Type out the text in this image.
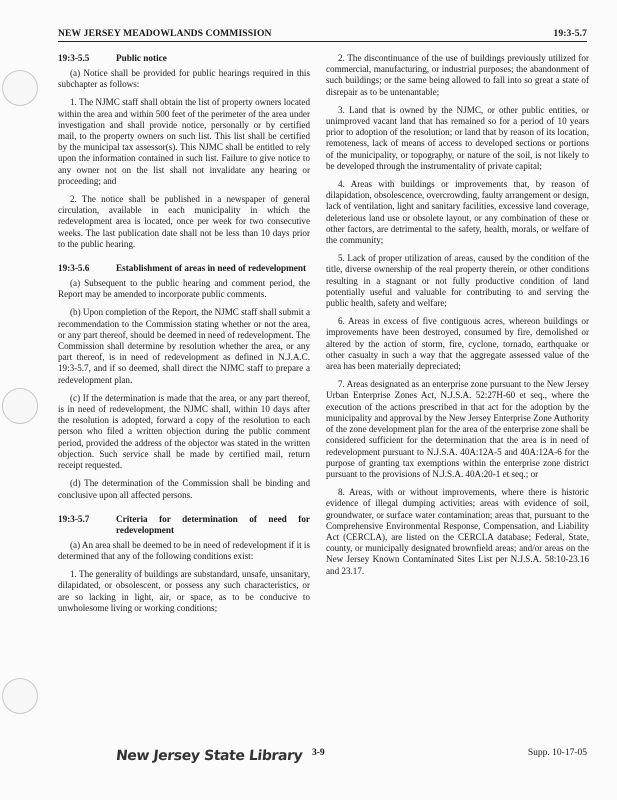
NEW JERSEY MEADOWLANDS COMMISSION	19:3-5.7
19:3-5.5	Public notice

(a) Notice shall be provided for public hearings required in this subchapter as follows:

1. The NJMC staff shall obtain the list of property owners located within the area and within 500 feet of the perimeter of the area under investigation and shall provide notice, personally or by certified mail, to the property owners on such list. This list shall be certified by the municipal tax assessor(s). This NJMC shall be entitled to rely upon the information contained in such list. Failure to give notice to any owner not on the list shall not invalidate any hearing or proceeding; and

2. The notice shall be published in a newspaper of general circulation, available in each municipality in which the redevelopment area is located, once per week for two consecutive weeks. The last publication date shall not be less than 10 days prior to the public hearing.

19:3-5.6	Establishment of areas in need of redevelopment

(a) Subsequent to the public hearing and comment period, the Report may be amended to incorporate public comments.

(b) Upon completion of the Report, the NJMC staff shall submit a recommendation to the Commission stating whether or not the area, or any part thereof, should be deemed in need of redevelopment. The Commission shall determine by resolution whether the area, or any part thereof, is in need of redevelopment as defined in N.J.A.C. 19:3-5.7, and if so deemed, shall direct the NJMC staff to prepare a redevelopment plan.

(c) If the determination is made that the area, or any part thereof, is in need of redevelopment, the NJMC shall, within 10 days after the resolution is adopted, forward a copy of the resolution to each person who filed a written objection during the public comment period, provided the address of the objector was stated in the written objection. Such service shall be made by certified mail, return receipt requested.

(d) The determination of the Commission shall be binding and conclusive upon all affected persons.

19:3-5.7	Criteria for determination of need for redevelopment

(a) An area shall be deemed to be in need of redevelopment if it is determined that any of the following conditions exist:

1. The generality of buildings are substandard, unsafe, unsanitary, dilapidated, or obsolescent, or possess any such characteristics, or are so lacking in light, air, or space, as to be conducive to unwholesome living or working conditions;

2. The discontinuance of the use of buildings previously utilized for commercial, manufacturing, or industrial purposes; the abandonment of such buildings; or the same being allowed to fall into so great a state of disrepair as to be untenantable;

3. Land that is owned by the NJMC, or other public entities, or unimproved vacant land that has remained so for a period of 10 years prior to adoption of the resolution; or land that by reason of its location, remoteness, lack of means of access to developed sections or portions of the municipality, or topography, or nature of the soil, is not likely to be developed through the instrumentality of private capital;

4. Areas with buildings or improvements that, by reason of dilapidation, obsolescence, overcrowding, faulty arrangement or design, lack of ventilation, light and sanitary facilities, excessive land coverage, deleterious land use or obsolete layout, or any combination of these or other factors, are detrimental to the safety, health, morals, or welfare of the community;

5. Lack of proper utilization of areas, caused by the condition of the title, diverse ownership of the real property therein, or other conditions resulting in a stagnant or not fully productive condition of land potentially useful and valuable for contributing to and serving the public health, safety and welfare;

6. Areas in excess of five contiguous acres, whereon buildings or improvements have been destroyed, consumed by fire, demolished or altered by the action of storm, fire, cyclone, tornado, earthquake or other casualty in such a way that the aggregate assessed value of the area has been materially depreciated;

7. Areas designated as an enterprise zone pursuant to the New Jersey Urban Enterprise Zones Act, N.J.S.A. 52:27H-60 et seq., where the execution of the actions prescribed in that act for the adoption by the municipality and approval by the New Jersey Enterprise Zone Authority of the zone development plan for the area of the enterprise zone shall be considered sufficient for the determination that the area is in need of redevelopment pursuant to N.J.S.A. 40A:12A-5 and 40A:12A-6 for the purpose of granting tax exemptions within the enterprise zone district pursuant to the provisions of N.J.S.A. 40A:20-1 et seq.; or

8. Areas, with or without improvements, where there is historic evidence of illegal dumping activities; areas with evidence of soil, groundwater, or surface water contamination; areas that, pursuant to the Comprehensive Environmental Response, Compensation, and Liability Act (CERCLA), are listed on the CERCLA database; Federal, State, county, or municipally designated brownfield areas; and/or areas on the New Jersey Known Contaminated Sites List per N.J.S.A. 58:10-23.16 and 23.17.

New Jersey State Library 3-9	Supp. 10-17-05
